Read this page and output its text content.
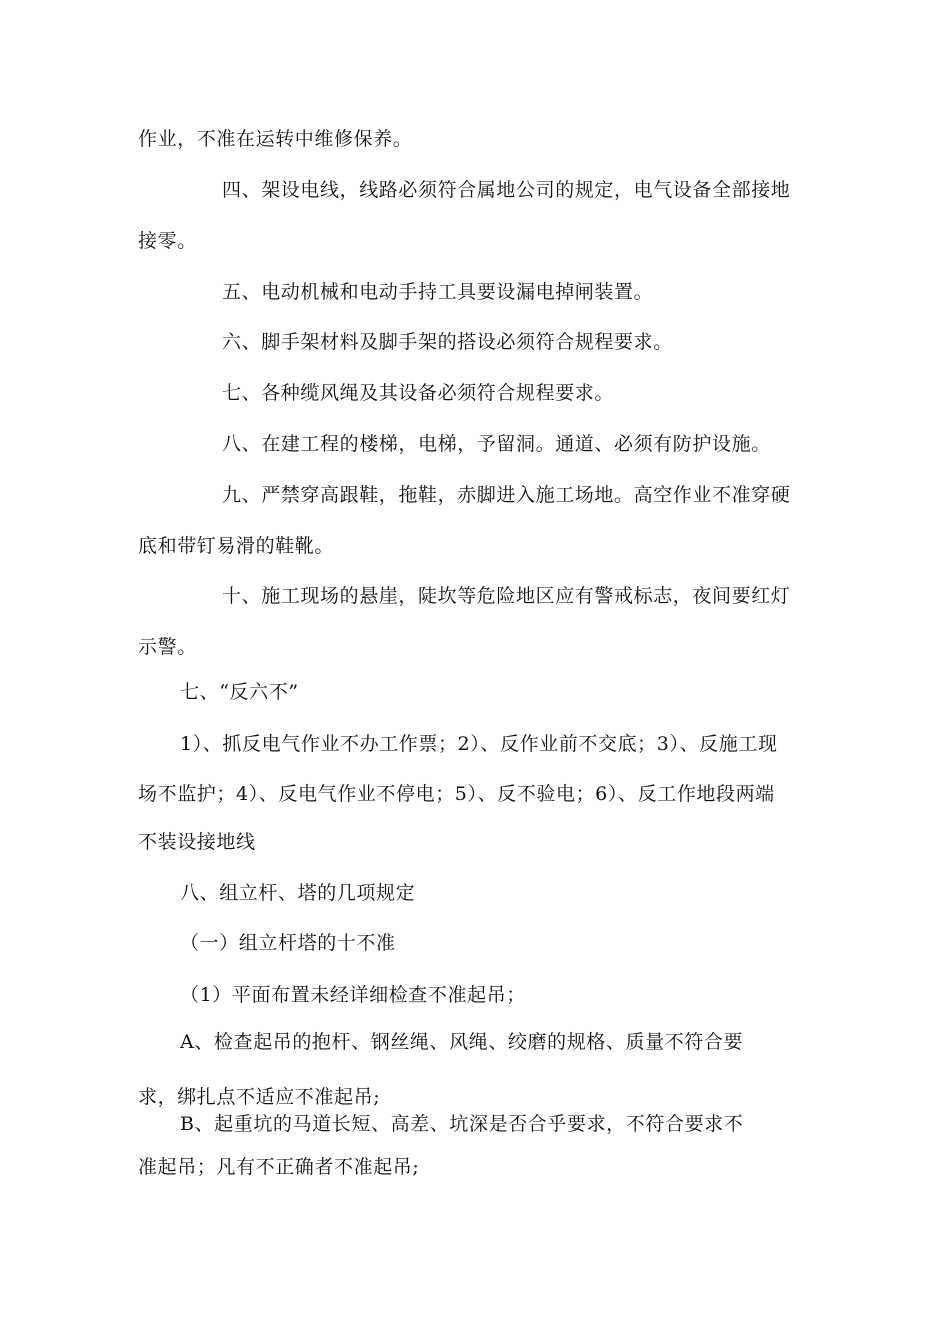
作业，不准在运转中维修保养。
四、架设电线，线路必须符合属地公司的规定，电气设备全部接地
接零。
五、电动机械和电动手持工具要设漏电掉闸装置。
六、脚手架材料及脚手架的搭设必须符合规程要求。
七、各种缆风绳及其设备必须符合规程要求。
八、在建工程的楼梯，电梯，予留洞。通道、必须有防护设施。
九、严禁穿高跟鞋，拖鞋，赤脚进入施工场地。高空作业不准穿硬
底和带钉易滑的鞋靴。
十、施工现场的悬崖，陡坎等危险地区应有警戒标志，夜间要红灯
示警。
七、“反六不”
1）、抓反电气作业不办工作票；2）、反作业前不交底；3）、反施工现
场不监护；4）、反电气作业不停电；5）、反不验电；6）、反工作地段两端
不装设接地线
八、组立杆、塔的几项规定
（一）组立杆塔的十不准
（1）平面布置未经详细检查不准起吊；
A、检查起吊的抱杆、钢丝绳、风绳、绞磨的规格、质量不符合要
求，绑扎点不适应不准起吊;
B、起重坑的马道长短、高差、坑深是否合乎要求，不符合要求不
准起吊；凡有不正确者不准起吊;
